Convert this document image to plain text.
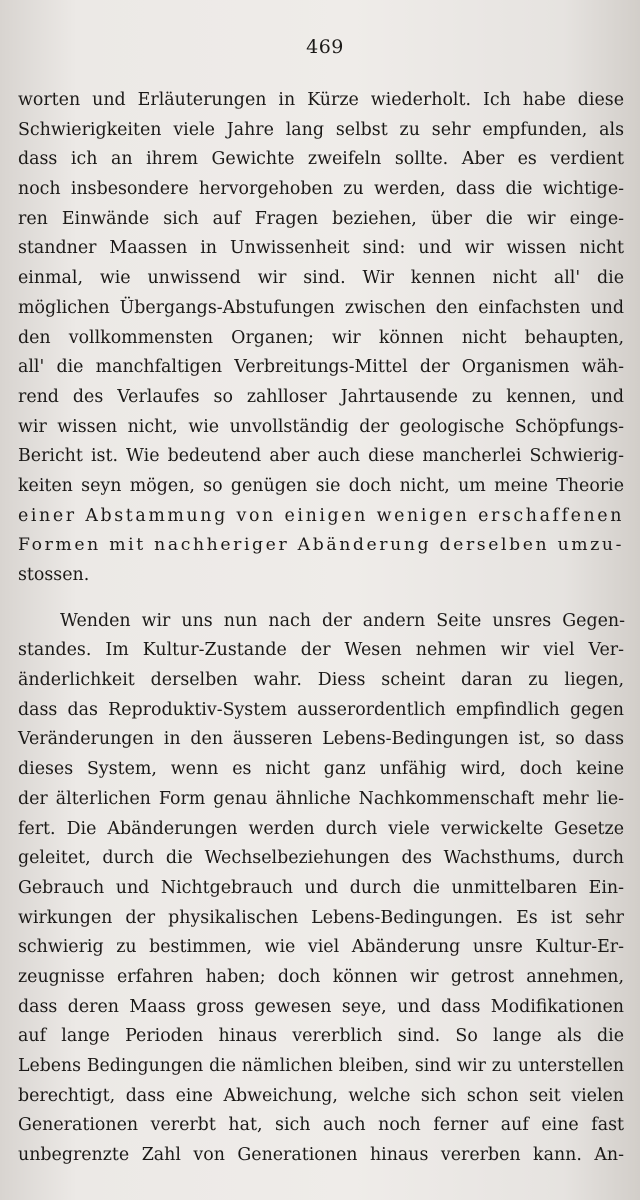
469
worten und Erläuterungen in Kürze wiederholt. Ich habe diese
Schwierigkeiten viele Jahre lang selbst zu sehr empfunden, als
dass ich an ihrem Gewichte zweifeln sollte. Aber es verdient
noch insbesondere hervorgehoben zu werden, dass die wichtige-
ren Einwände sich auf Fragen beziehen, über die wir einge-
standner Maassen in Unwissenheit sind: und wir wissen nicht
einmal, wie unwissend wir sind. Wir kennen nicht all' die
möglichen Übergangs-Abstufungen zwischen den einfachsten und
den vollkommensten Organen; wir können nicht behaupten,
all' die manchfaltigen Verbreitungs-Mittel der Organismen wäh-
rend des Verlaufes so zahlloser Jahrtausende zu kennen, und
wir wissen nicht, wie unvollständig der geologische Schöpfungs-
Bericht ist. Wie bedeutend aber auch diese mancherlei Schwierig-
keiten seyn mögen, so genügen sie doch nicht, um meine Theorie
einer Abstammung von einigen wenigen erschaffenen
Formen mit nachheriger Abänderung derselben umzu-
stossen.
Wenden wir uns nun nach der andern Seite unsres Gegen-
standes. Im Kultur-Zustande der Wesen nehmen wir viel Ver-
änderlichkeit derselben wahr. Diess scheint daran zu liegen,
dass das Reproduktiv-System ausserordentlich empfindlich gegen
Veränderungen in den äusseren Lebens-Bedingungen ist, so dass
dieses System, wenn es nicht ganz unfähig wird, doch keine
der älterlichen Form genau ähnliche Nachkommenschaft mehr lie-
fert. Die Abänderungen werden durch viele verwickelte Gesetze
geleitet, durch die Wechselbeziehungen des Wachsthums, durch
Gebrauch und Nichtgebrauch und durch die unmittelbaren Ein-
wirkungen der physikalischen Lebens-Bedingungen. Es ist sehr
schwierig zu bestimmen, wie viel Abänderung unsre Kultur-Er-
zeugnisse erfahren haben; doch können wir getrost annehmen,
dass deren Maass gross gewesen seye, und dass Modifikationen
auf lange Perioden hinaus vererblich sind. So lange als die
Lebens Bedingungen die nämlichen bleiben, sind wir zu unterstellen
berechtigt, dass eine Abweichung, welche sich schon seit vielen
Generationen vererbt hat, sich auch noch ferner auf eine fast
unbegrenzte Zahl von Generationen hinaus vererben kann. An-
